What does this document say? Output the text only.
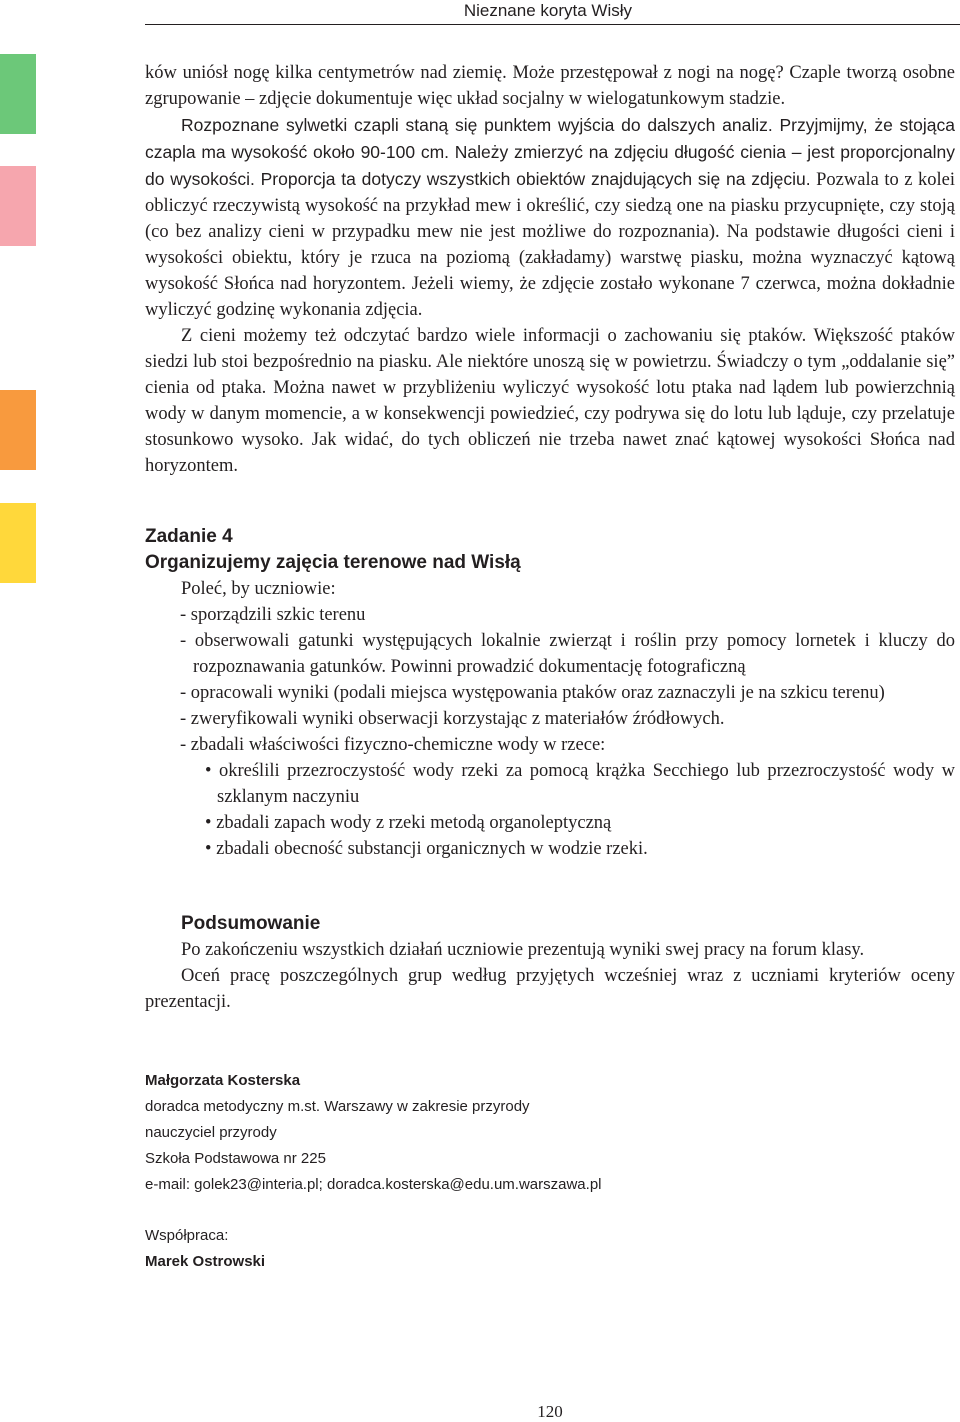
Nieznane koryta Wisły

ków uniósł nogę kilka centymetrów nad ziemię. Może przestępował z nogi na nogę? Czaple tworzą osobne zgrupowanie – zdjęcie dokumentuje więc układ socjalny w wielogatunkowym stadzie.

Rozpoznane sylwetki czapli staną się punktem wyjścia do dalszych analiz. Przyjmijmy, że stojąca czapla ma wysokość około 90-100 cm. Należy zmierzyć na zdjęciu długość cienia – jest proporcjonalny do wysokości. Proporcja ta dotyczy wszystkich obiektów znajdujących się na zdjęciu. Pozwala to z kolei obliczyć rzeczywistą wysokość na przykład mew i określić, czy siedzą one na piasku przycupnięte, czy stoją (co bez analizy cieni w przypadku mew nie jest możliwe do rozpoznania). Na podstawie długości cieni i wysokości obiektu, który je rzuca na poziomą (zakładamy) warstwę piasku, można wyznaczyć kątową wysokość Słońca nad horyzontem. Jeżeli wiemy, że zdjęcie zostało wykonane 7 czerwca, można dokładnie wyliczyć godzinę wykonania zdjęcia.

Z cieni możemy też odczytać bardzo wiele informacji o zachowaniu się ptaków. Większość ptaków siedzi lub stoi bezpośrednio na piasku. Ale niektóre unoszą się w powietrzu. Świadczy o tym „oddalanie się” cienia od ptaka. Można nawet w przybliżeniu wyliczyć wysokość lotu ptaka nad lądem lub powierzchnią wody w danym momencie, a w konsekwencji powiedzieć, czy podrywa się do lotu lub ląduje, czy przelatuje stosunkowo wysoko. Jak widać, do tych obliczeń nie trzeba nawet znać kątowej wysokości Słońca nad horyzontem.

Zadanie 4
Organizujemy zajęcia terenowe nad Wisłą
Poleć, by uczniowie:
- sporządzili szkic terenu
- obserwowali gatunki występujących lokalnie zwierząt i roślin przy pomocy lornetek i kluczy do rozpoznawania gatunków. Powinni prowadzić dokumentację fotograficzną
- opracowali wyniki (podali miejsca występowania ptaków oraz zaznaczyli je na szkicu terenu)
- zweryfikowali wyniki obserwacji korzystając z materiałów źródłowych.
- zbadali właściwości fizyczno-chemiczne wody w rzece:
• określili przezroczystość wody rzeki za pomocą krążka Secchiego lub przezroczystość wody w szklanym naczyniu
• zbadali zapach wody z rzeki metodą organoleptyczną
• zbadali obecność substancji organicznych w wodzie rzeki.
Podsumowanie

Po zakończeniu wszystkich działań uczniowie prezentują wyniki swej pracy na forum klasy.

Oceń pracę poszczególnych grup według przyjętych wcześniej wraz z uczniami kryteriów oceny prezentacji.

Małgorzata Kosterska
doradca metodyczny m.st. Warszawy w zakresie przyrody
nauczyciel przyrody
Szkoła Podstawowa nr 225
e-mail: golek23@interia.pl; doradca.kosterska@edu.um.warszawa.pl
Współpraca:
Marek Ostrowski
120
